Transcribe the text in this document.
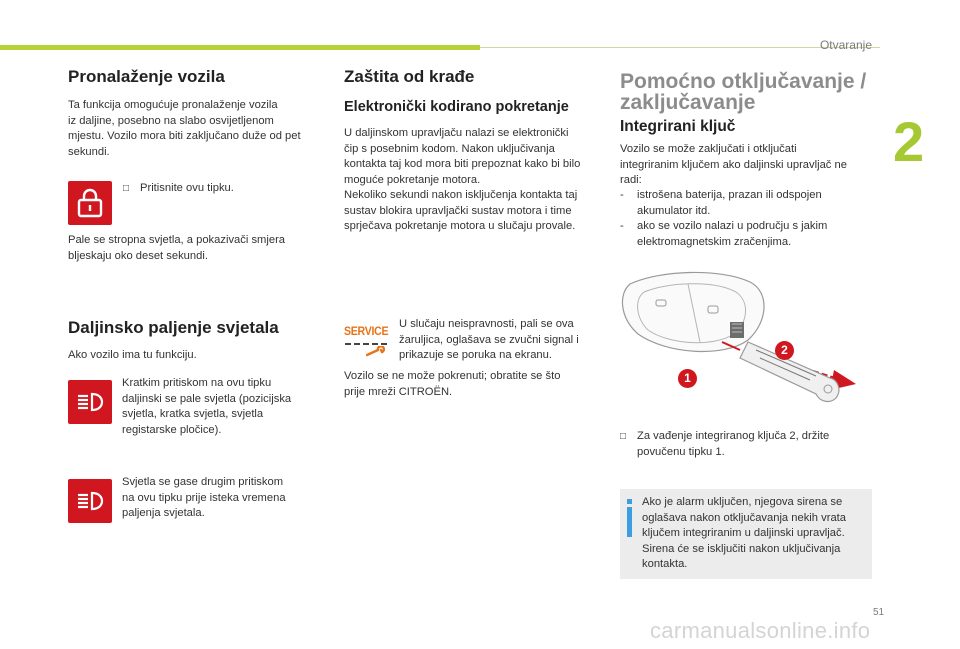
Otvaranje
2
Pronalaženje vozila

Ta funkcija omogućuje pronalaženje vozila
iz daljine, posebno na slabo osvijetljenom
mjestu. Vozilo mora biti zaključano duže od pet
sekundi.

□ Pritisnite ovu tipku.

Pale se stropna svjetla, a pokazivači smjera
bljeskaju oko deset sekundi.

Daljinsko paljenje svjetala

Ako vozilo ima tu funkciju.

Kratkim pritiskom na ovu tipku
daljinski se pale svjetla (pozicijska
svjetla, kratka svjetla, svjetla
registarske pločice).

Svjetla se gase drugim pritiskom
na ovu tipku prije isteka vremena
paljenja svjetala.

Zaštita od krađe
Elektronički kodirano pokretanje

U daljinskom upravljaču nalazi se elektronički
čip s posebnim kodom. Nakon uključivanja
kontakta taj kod mora biti prepoznat kako bi bilo
moguće pokretanje motora.
Nekoliko sekundi nakon isključenja kontakta taj
sustav blokira upravljački sustav motora i time
sprječava pokretanje motora u slučaju provale.

SERVICE

U slučaju neispravnosti, pali se ova
žaruljica, oglašava se zvučni signal i
prikazuje se poruka na ekranu.

Vozilo se ne može pokrenuti; obratite se što
prije mreži CITROËN.

Pomoćno otključavanje /
zaključavanje
Integrirani ključ

Vozilo se može zaključati i otključati
integriranim ključem ako daljinski upravljač ne
radi:

- istrošena baterija, prazan ili odspojen
akumulator itd.
- ako se vozilo nalazi u području s jakim
elektromagnetskim zračenjima.
2
1
□ Za vađenje integriranog ključa 2, držite
povučenu tipku 1.

Ako je alarm uključen, njegova sirena se
oglašava nakon otključavanja nekih vrata
ključem integriranim u daljinski upravljač.
Sirena će se isključiti nakon uključivanja
kontakta.

51
carmanualsonline.info
